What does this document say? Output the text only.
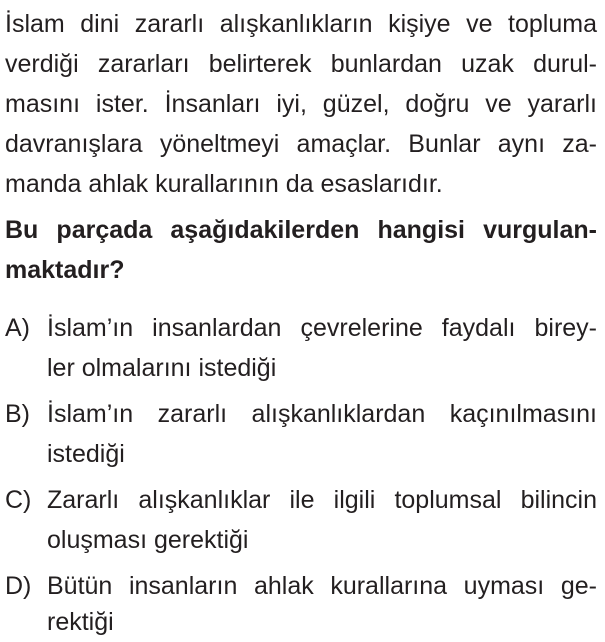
İslam dini zararlı alışkanlıkların kişiye ve topluma
verdiği zararları belirterek bunlardan uzak durul-
masını ister. İnsanları iyi, güzel, doğru ve yararlı
davranışlara yöneltmeyi amaçlar. Bunlar aynı za-
manda ahlak kurallarının da esaslarıdır.
Bu parçada aşağıdakilerden hangisi vurgulan-
maktadır?
A) İslam’ın insanlardan çevrelerine faydalı birey-
ler olmalarını istediği
B) İslam’ın zararlı alışkanlıklardan kaçınılmasını
istediği
C) Zararlı alışkanlıklar ile ilgili toplumsal bilincin
oluşması gerektiği
D) Bütün insanların ahlak kurallarına uyması ge-
rektiği
